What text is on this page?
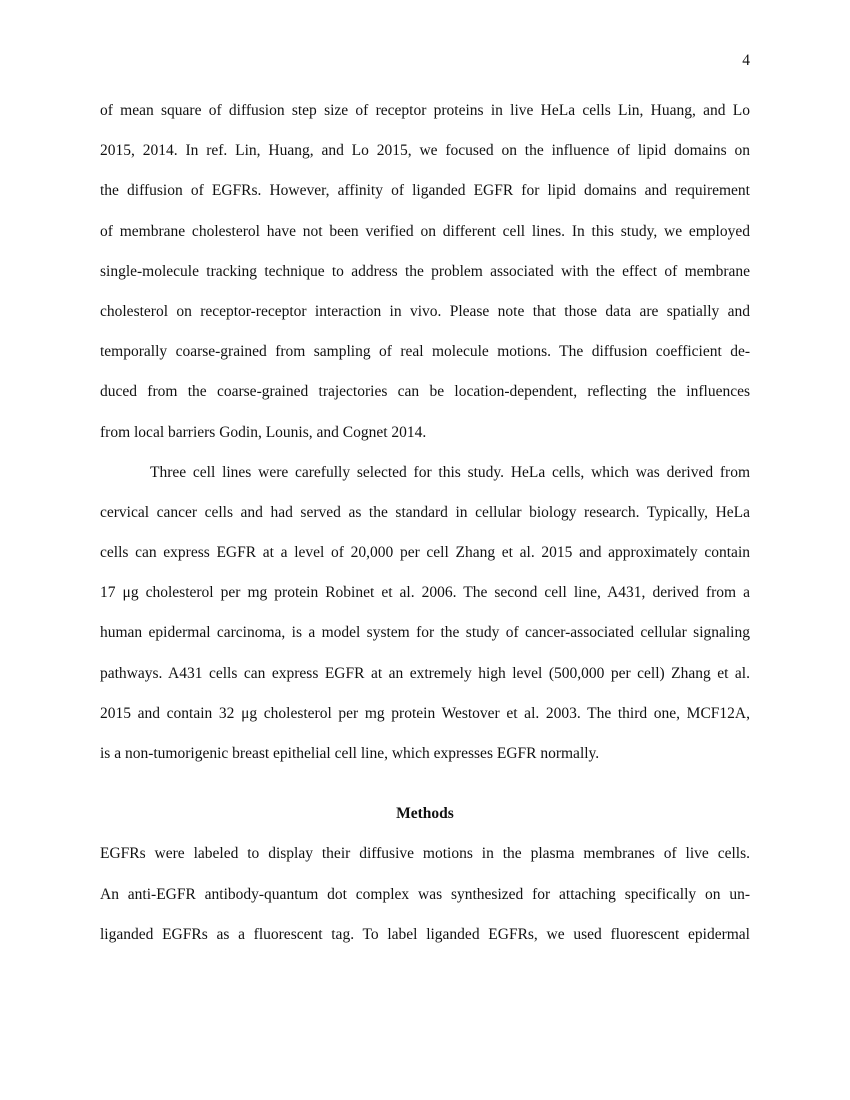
4
of mean square of diffusion step size of receptor proteins in live HeLa cells Lin, Huang, and Lo
2015, 2014. In ref. Lin, Huang, and Lo 2015, we focused on the influence of lipid domains on
the diffusion of EGFRs. However, affinity of liganded EGFR for lipid domains and requirement
of membrane cholesterol have not been verified on different cell lines. In this study, we employed
single-molecule tracking technique to address the problem associated with the effect of membrane
cholesterol on receptor-receptor interaction in vivo. Please note that those data are spatially and
temporally coarse-grained from sampling of real molecule motions. The diffusion coefficient de-
duced from the coarse-grained trajectories can be location-dependent, reflecting the influences
from local barriers Godin, Lounis, and Cognet 2014.
Three cell lines were carefully selected for this study. HeLa cells, which was derived from
cervical cancer cells and had served as the standard in cellular biology research. Typically, HeLa
cells can express EGFR at a level of 20,000 per cell Zhang et al. 2015 and approximately contain
17 μg cholesterol per mg protein Robinet et al. 2006. The second cell line, A431, derived from a
human epidermal carcinoma, is a model system for the study of cancer-associated cellular signaling
pathways. A431 cells can express EGFR at an extremely high level (500,000 per cell) Zhang et al.
2015 and contain 32 μg cholesterol per mg protein Westover et al. 2003. The third one, MCF12A,
is a non-tumorigenic breast epithelial cell line, which expresses EGFR normally.
Methods
EGFRs were labeled to display their diffusive motions in the plasma membranes of live cells.
An anti-EGFR antibody-quantum dot complex was synthesized for attaching specifically on un-
liganded EGFRs as a fluorescent tag. To label liganded EGFRs, we used fluorescent epidermal
